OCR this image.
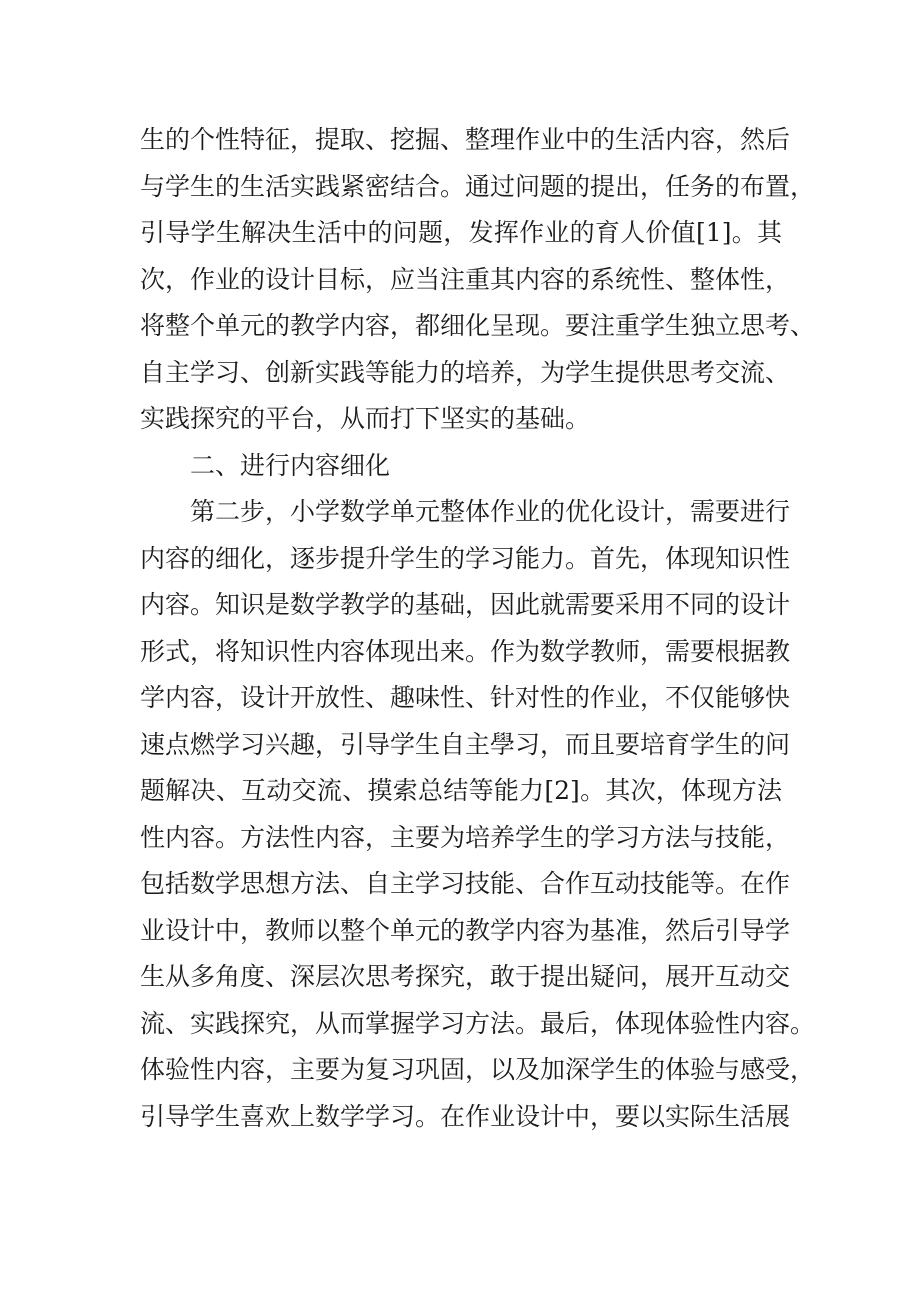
生的个性特征，提取、挖掘、整理作业中的生活内容，然后
与学生的生活实践紧密结合。通过问题的提出，任务的布置，
引导学生解决生活中的问题，发挥作业的育人价值[1]。其
次，作业的设计目标，应当注重其内容的系统性、整体性，
将整个单元的教学内容，都细化呈现。要注重学生独立思考、
自主学习、创新实践等能力的培养，为学生提供思考交流、
实践探究的平台，从而打下坚实的基础。
二、进行内容细化
第二步，小学数学单元整体作业的优化设计，需要进行
内容的细化，逐步提升学生的学习能力。首先，体现知识性
内容。知识是数学教学的基础，因此就需要采用不同的设计
形式，将知识性内容体现出来。作为数学教师，需要根据教
学内容，设计开放性、趣味性、针对性的作业，不仅能够快
速点燃学习兴趣，引导学生自主學习，而且要培育学生的问
题解决、互动交流、摸索总结等能力[2]。其次，体现方法
性内容。方法性内容，主要为培养学生的学习方法与技能，
包括数学思想方法、自主学习技能、合作互动技能等。在作
业设计中，教师以整个单元的教学内容为基准，然后引导学
生从多角度、深层次思考探究，敢于提出疑问，展开互动交
流、实践探究，从而掌握学习方法。最后，体现体验性内容。
体验性内容，主要为复习巩固，以及加深学生的体验与感受，
引导学生喜欢上数学学习。在作业设计中，要以实际生活展
